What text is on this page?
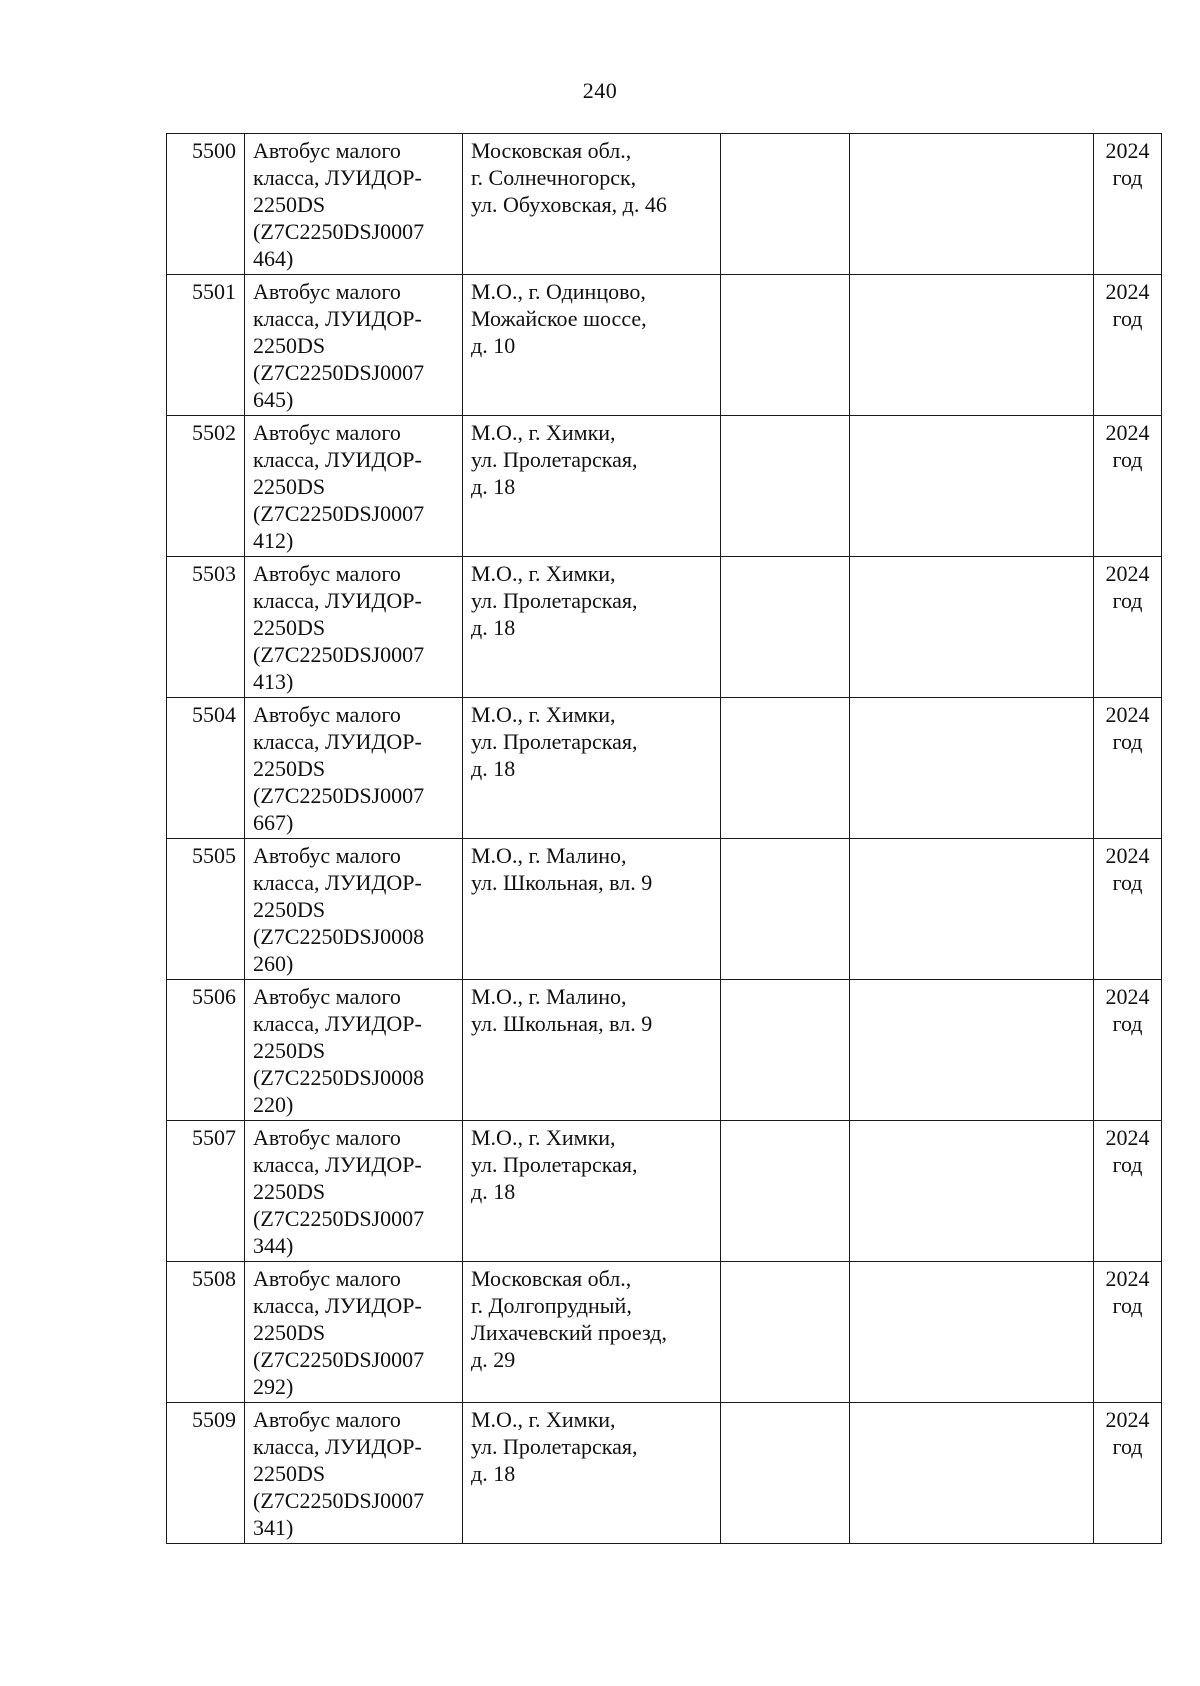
240
5500	Автобус малого
класса, ЛУИДОР-
2250DS
(Z7C2250DSJ0007
464)	Московская обл.,
г. Солнечногорск,
ул. Обуховская, д. 46			2024
год

5501	Автобус малого
класса, ЛУИДОР-
2250DS
(Z7C2250DSJ0007
645)	М.О., г. Одинцово,
Можайское шоссе,
д. 10			2024
год

5502	Автобус малого
класса, ЛУИДОР-
2250DS
(Z7C2250DSJ0007
412)	М.О., г. Химки,
ул. Пролетарская,
д. 18			2024
год

5503	Автобус малого
класса, ЛУИДОР-
2250DS
(Z7C2250DSJ0007
413)	М.О., г. Химки,
ул. Пролетарская,
д. 18			2024
год

5504	Автобус малого
класса, ЛУИДОР-
2250DS
(Z7C2250DSJ0007
667)	М.О., г. Химки,
ул. Пролетарская,
д. 18			2024
год

5505	Автобус малого
класса, ЛУИДОР-
2250DS
(Z7C2250DSJ0008
260)	М.О., г. Малино,
ул. Школьная, вл. 9			2024
год

5506	Автобус малого
класса, ЛУИДОР-
2250DS
(Z7C2250DSJ0008
220)	М.О., г. Малино,
ул. Школьная, вл. 9			2024
год

5507	Автобус малого
класса, ЛУИДОР-
2250DS
(Z7C2250DSJ0007
344)	М.О., г. Химки,
ул. Пролетарская,
д. 18			2024
год

5508	Автобус малого
класса, ЛУИДОР-
2250DS
(Z7C2250DSJ0007
292)	Московская обл.,
г. Долгопрудный,
Лихачевский проезд,
д. 29			2024
год

5509	Автобус малого
класса, ЛУИДОР-
2250DS
(Z7C2250DSJ0007
341)	М.О., г. Химки,
ул. Пролетарская,
д. 18			2024
год
